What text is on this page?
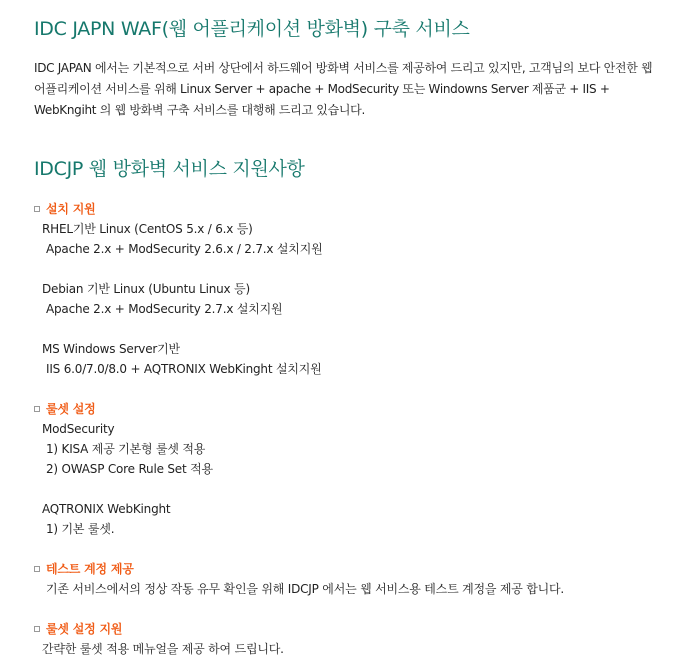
IDC JAPN WAF(웹 어플리케이션 방화벽) 구축 서비스
IDC JAPAN 에서는 기본적으로 서버 상단에서 하드웨어 방화벽 서비스를 제공하여 드리고 있지만, 고객님의 보다 안전한 웹 어플리케이션 서비스를 위해 Linux Server + apache + ModSecurity 또는 Windowns Server 제품군 + IIS + WebKngiht 의 웹 방화벽 구축 서비스를 대행해 드리고 있습니다.
IDCJP 웹 방화벽 서비스 지원사항
설치 지원
RHEL기반 Linux (CentOS 5.x / 6.x 등)
Apache 2.x + ModSecurity 2.6.x / 2.7.x 설치지원
Debian 기반 Linux (Ubuntu Linux 등)
Apache 2.x + ModSecurity 2.7.x 설치지원
MS Windows Server기반
IIS 6.0/7.0/8.0 + AQTRONIX WebKinght 설치지원
룰셋 설정
ModSecurity
1) KISA 제공 기본형 룰셋 적용
2) OWASP Core Rule Set 적용
AQTRONIX WebKinght
1) 기본 룰셋.
테스트 계정 제공
기존 서비스에서의 정상 작동 유무 확인을 위해 IDCJP 에서는 웹 서비스용 테스트 계정을 제공 합니다.
룰셋 설정 지원
간략한 룰셋 적용 메뉴얼을 제공 하여 드립니다.
